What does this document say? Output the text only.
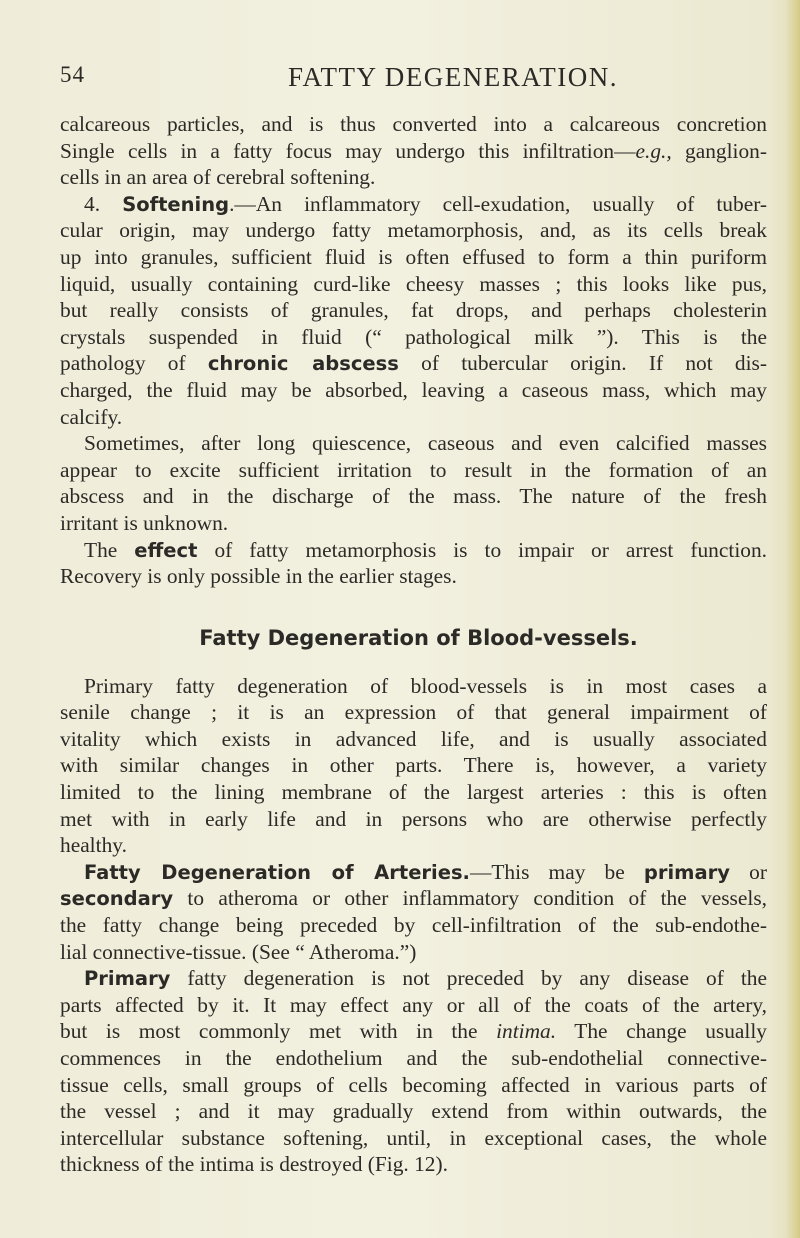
54	FATTY DEGENERATION.
calcareous particles, and is thus converted into a calcareous concretion
Single cells in a fatty focus may undergo this infiltration—e.g., ganglion-
cells in an area of cerebral softening.
4. Softening.—An inflammatory cell-exudation, usually of tuber-
cular origin, may undergo fatty metamorphosis, and, as its cells break
up into granules, sufficient fluid is often effused to form a thin puriform
liquid, usually containing curd-like cheesy masses ; this looks like pus,
but really consists of granules, fat drops, and perhaps cholesterin
crystals suspended in fluid (“ pathological milk ”). This is the
pathology of chronic abscess of tubercular origin. If not dis-
charged, the fluid may be absorbed, leaving a caseous mass, which may
calcify.
Sometimes, after long quiescence, caseous and even calcified masses
appear to excite sufficient irritation to result in the formation of an
abscess and in the discharge of the mass. The nature of the fresh
irritant is unknown.
The effect of fatty metamorphosis is to impair or arrest function.
Recovery is only possible in the earlier stages.
Fatty Degeneration of Blood-vessels.
Primary fatty degeneration of blood-vessels is in most cases a
senile change ; it is an expression of that general impairment of
vitality which exists in advanced life, and is usually associated
with similar changes in other parts. There is, however, a variety
limited to the lining membrane of the largest arteries : this is often
met with in early life and in persons who are otherwise perfectly
healthy.
Fatty Degeneration of Arteries.—This may be primary or
secondary to atheroma or other inflammatory condition of the vessels,
the fatty change being preceded by cell-infiltration of the sub-endothe-
lial connective-tissue. (See “ Atheroma.”)
Primary fatty degeneration is not preceded by any disease of the
parts affected by it. It may effect any or all of the coats of the artery,
but is most commonly met with in the intima. The change usually
commences in the endothelium and the sub-endothelial connective-
tissue cells, small groups of cells becoming affected in various parts of
the vessel ; and it may gradually extend from within outwards, the
intercellular substance softening, until, in exceptional cases, the whole
thickness of the intima is destroyed (Fig. 12).
